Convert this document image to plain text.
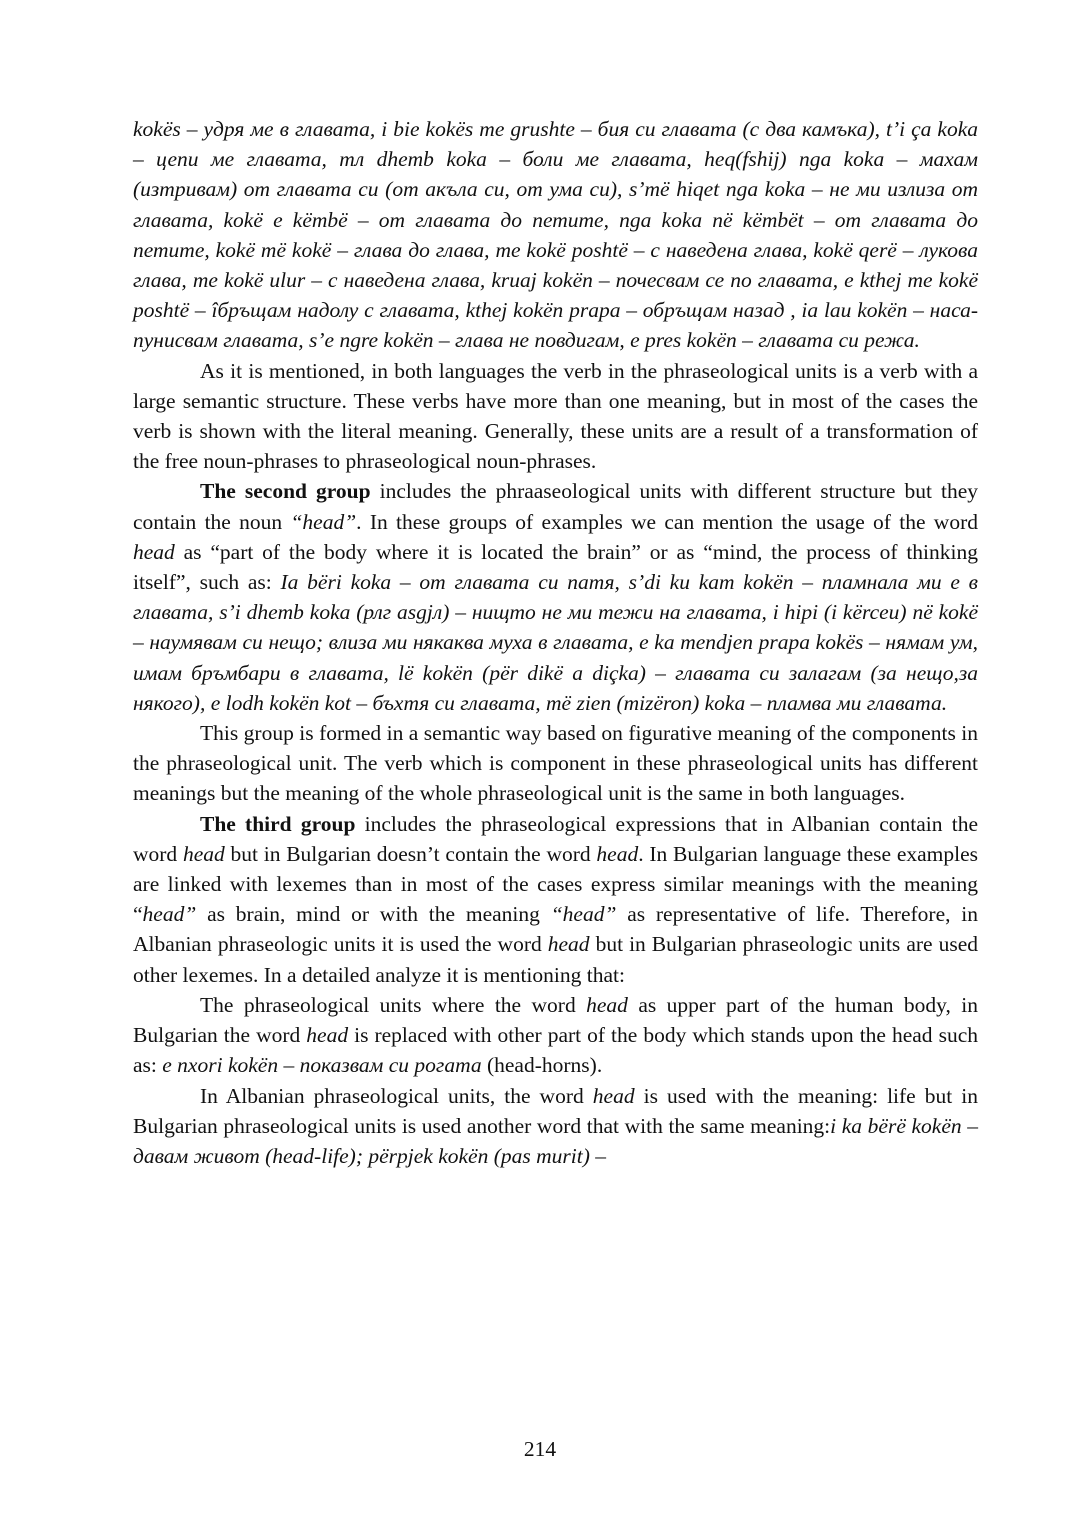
kokës – удря ме в главата, i bie kokës me grushte – бия си главата (с два камъка), t’i ça koka – цепи ме главата, тл dhemb koka – боли ме главата, heq(fshij) nga koka – махам (изтривам) от главата си (от акъла си, от ума си), s’më hiqet nga koka – не ми излиза от главата, kokë e këmbë – от главата до петите, nga koka në këmbët – от главата до петите, kokë më kokë – глава до глава, me kokë poshtë – с наведена глава, kokë qerë – лукова глава, me kokë ulur – с наведена глава, kruaj kokën – почесвам се по главата, e kthej me kokë poshtë – îбръщам надолу с главата, kthej kokën prapa – обръщам назад , ia lau kokën – наса-пунисвам главата, s’e ngre kokën – глава не повдигам, e pres kokën – главата си режа.

As it is mentioned, in both languages the verb in the phraseological units is a verb with a large semantic structure. These verbs have more than one meaning, but in most of the cases the verb is shown with the literal meaning. Generally, these units are a result of a transformation of the free noun-phrases to phraseological noun-phrases.

The second group includes the phraaseological units with different structure but they contain the noun “head”. In these groups of examples we can mention the usage of the word head as “part of the body where it is located the brain” or as “mind, the process of thinking itself”, such as: Ia bëri koka – от главата си патя, s’di ku kam kokën – пламнала ми е в главата, s’i dhemb koka (рлг asgjл) – нищто не ми тежи на главата, i hipi (i kërceu) në kokë – наумявам си нещо; влиза ми някаква муха в главата, e ka mendjen prapa kokës – нямам ум, имам бръмбари в главата, lë kokën (për dikë a diçka) – главата си залагам (за нещо,за някого), e lodh kokën kot – бъхтя си главата, më zien (mizëron) koka – пламва ми главата.

This group is formed in a semantic way based on figurative meaning of the components in the phraseological unit. The verb which is component in these phraseological units has different meanings but the meaning of the whole phraseological unit is the same in both languages.

The third group includes the phraseological expressions that in Albanian contain the word head but in Bulgarian doesn’t contain the word head. In Bulgarian language these examples are linked with lexemes than in most of the cases express similar meanings with the meaning “head” as brain, mind or with the meaning “head” as representative of life. Therefore, in Albanian phraseologic units it is used the word head but in Bulgarian phraseologic units are used other lexemes. In a detailed analyze it is mentioning that:

The phraseological units where the word head as upper part of the human body, in Bulgarian the word head is replaced with other part of the body which stands upon the head such as: e nxori kokën – показвам си рогата (head-horns).

In Albanian phraseological units, the word head is used with the meaning: life but in Bulgarian phraseological units is used another word that with the same meaning:i ka bërë kokën – давам живот (head-life); përpjek kokën (pas murit) –

214
